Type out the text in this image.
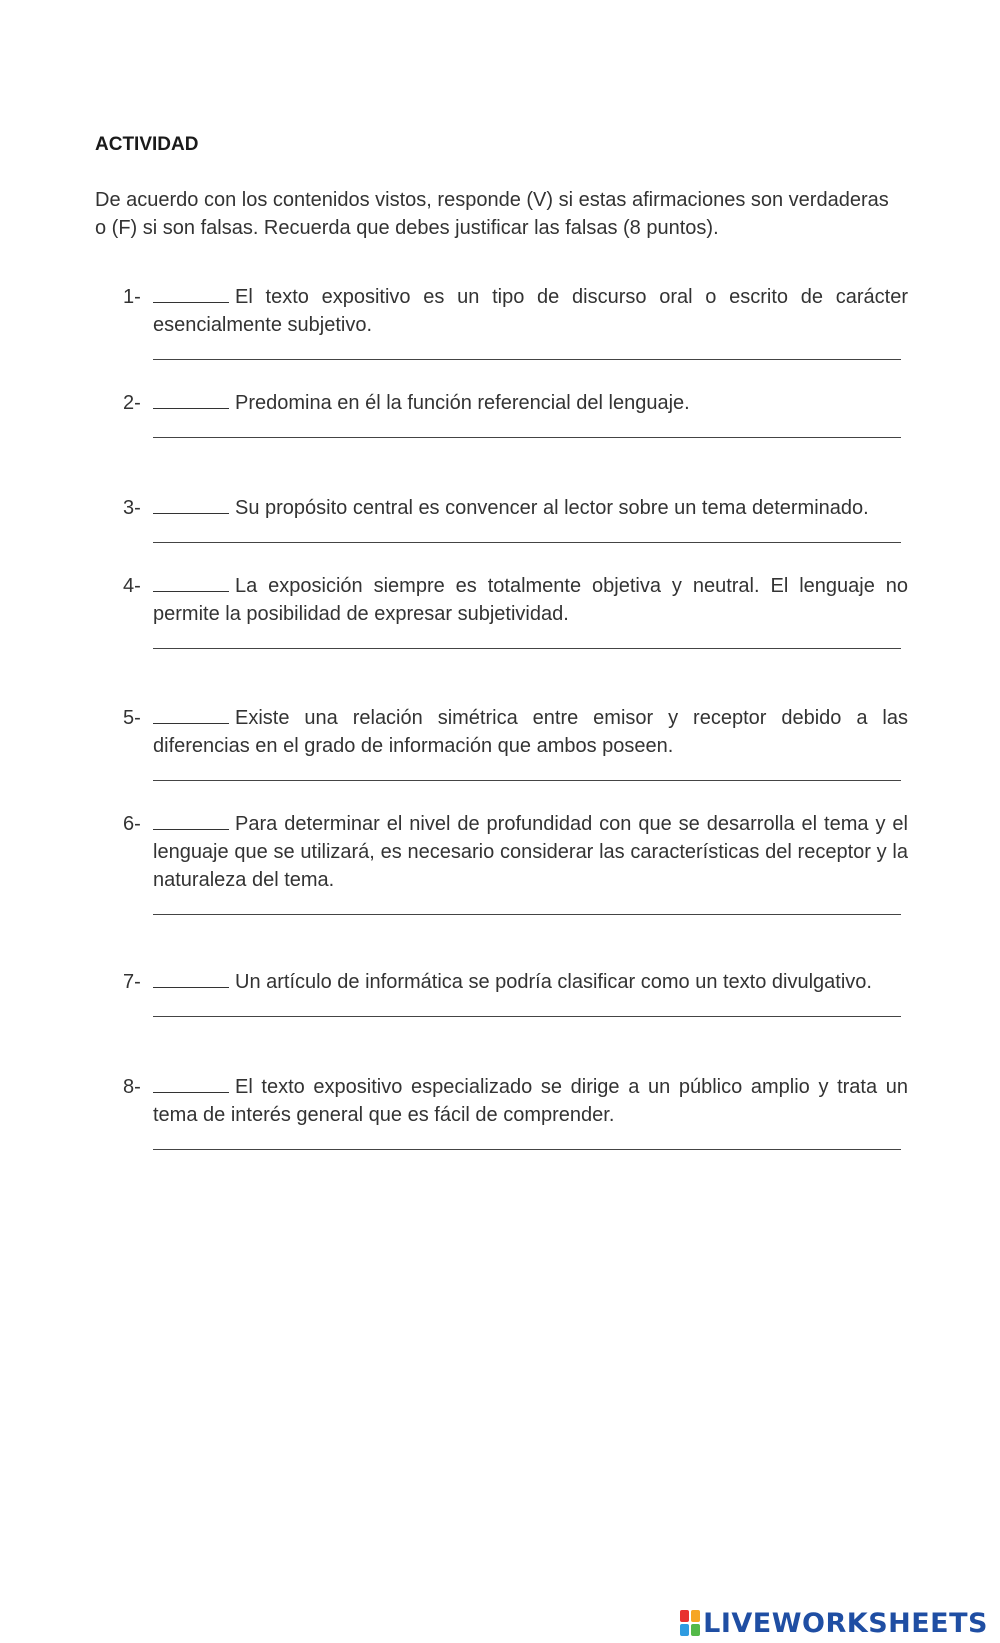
ACTIVIDAD
De acuerdo con los contenidos vistos, responde (V) si estas afirmaciones son verdaderas o (F) si son falsas. Recuerda que debes justificar las falsas (8 puntos).
1-	El texto expositivo es un tipo de discurso oral o escrito de carácter esencialmente subjetivo.
2-	Predomina en él la función referencial del lenguaje.
3-	Su propósito central es convencer al lector sobre un tema determinado.
4-	La exposición siempre es totalmente objetiva y neutral. El lenguaje no permite la posibilidad de expresar subjetividad.
5-	Existe una relación simétrica entre emisor y receptor debido a las diferencias en el grado de información que ambos poseen.
6-	Para determinar el nivel de profundidad con que se desarrolla el tema y el lenguaje que se utilizará, es necesario considerar las características del receptor y la naturaleza del tema.
7-	Un artículo de informática se podría clasificar como un texto divulgativo.
8-	El texto expositivo especializado se dirige a un público amplio y trata un tema de interés general que es fácil de comprender.
LIVEWORKSHEETS
